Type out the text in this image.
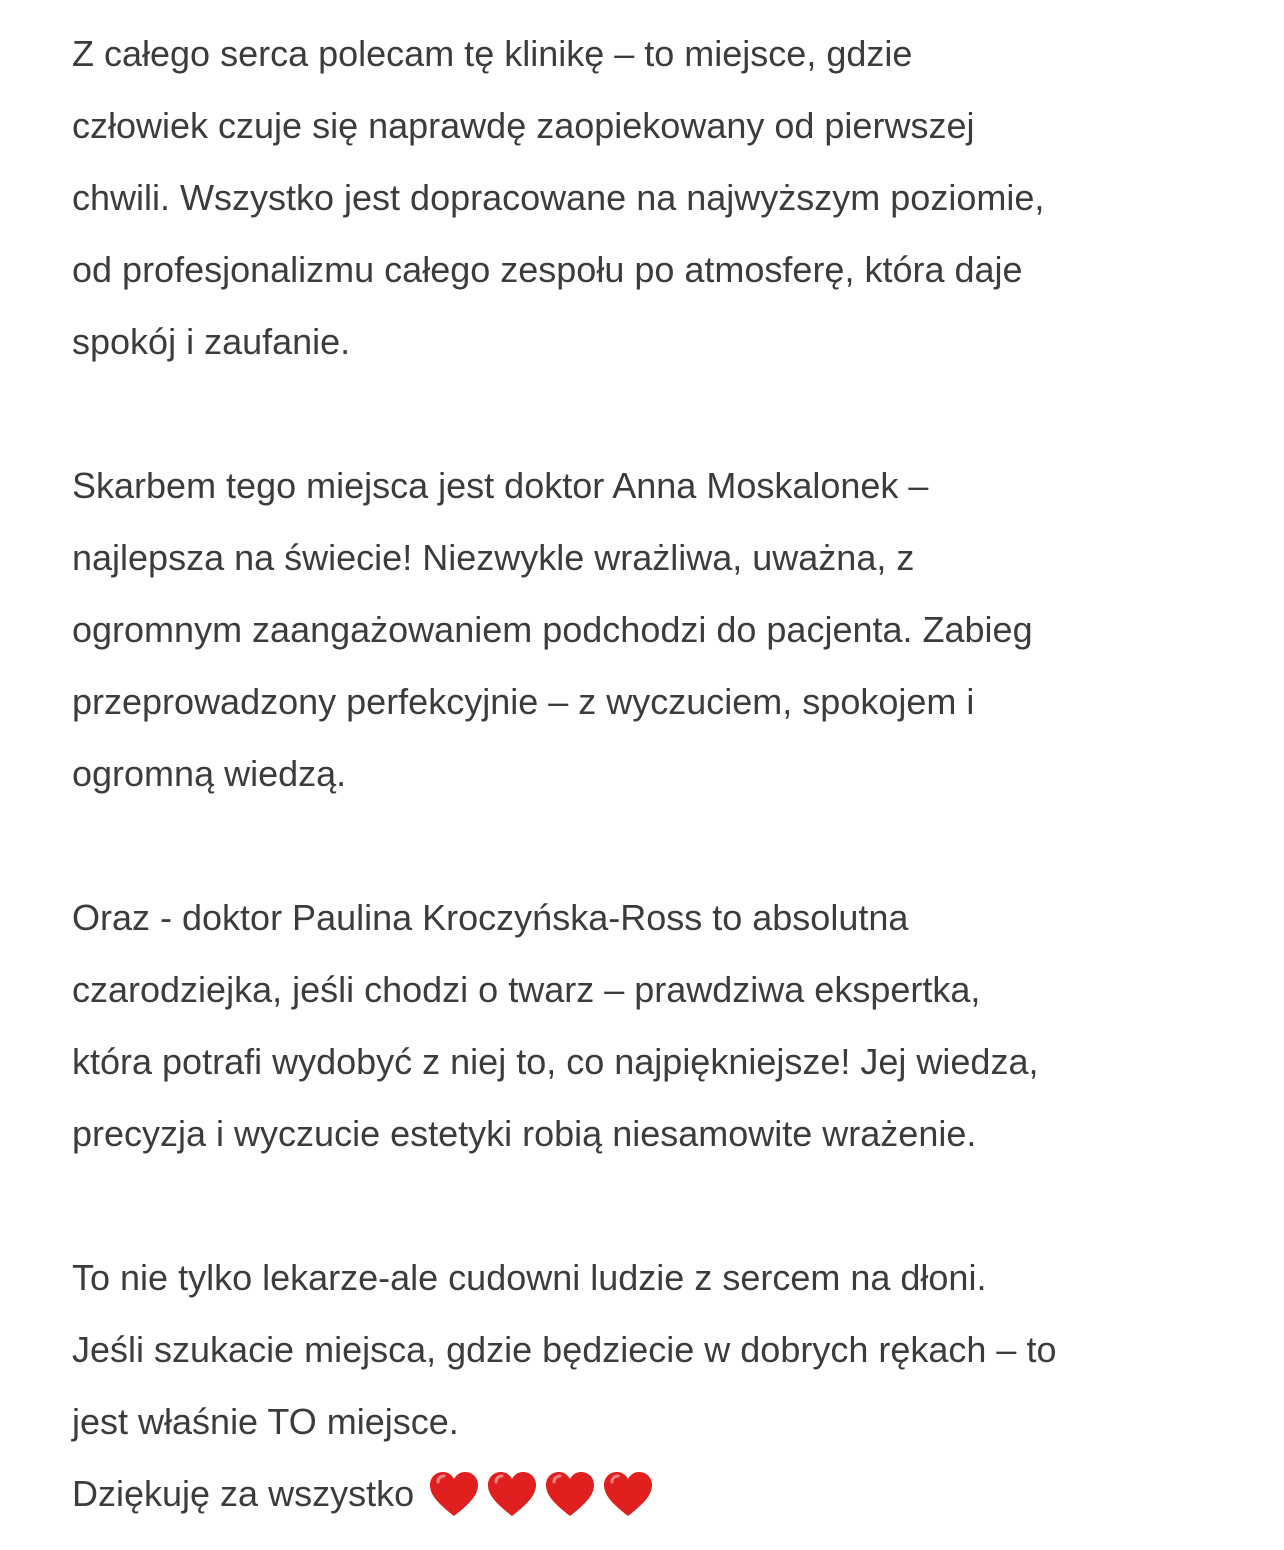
Z całego serca polecam tę klinikę – to miejsce, gdzie

człowiek czuje się naprawdę zaopiekowany od pierwszej

chwili. Wszystko jest dopracowane na najwyższym poziomie,

od profesjonalizmu całego zespołu po atmosferę, która daje

spokój i zaufanie.

Skarbem tego miejsca jest doktor Anna Moskalonek –

najlepsza na świecie! Niezwykle wrażliwa, uważna, z

ogromnym zaangażowaniem podchodzi do pacjenta. Zabieg

przeprowadzony perfekcyjnie – z wyczuciem, spokojem i

ogromną wiedzą.

Oraz - doktor Paulina Kroczyńska-Ross to absolutna

czarodziejka, jeśli chodzi o twarz – prawdziwa ekspertka,

która potrafi wydobyć z niej to, co najpiękniejsze! Jej wiedza,

precyzja i wyczucie estetyki robią niesamowite wrażenie.

To nie tylko lekarze-ale cudowni ludzie z sercem na dłoni.

Jeśli szukacie miejsca, gdzie będziecie w dobrych rękach – to

jest właśnie TO miejsce.

Dziękuję za wszystko
